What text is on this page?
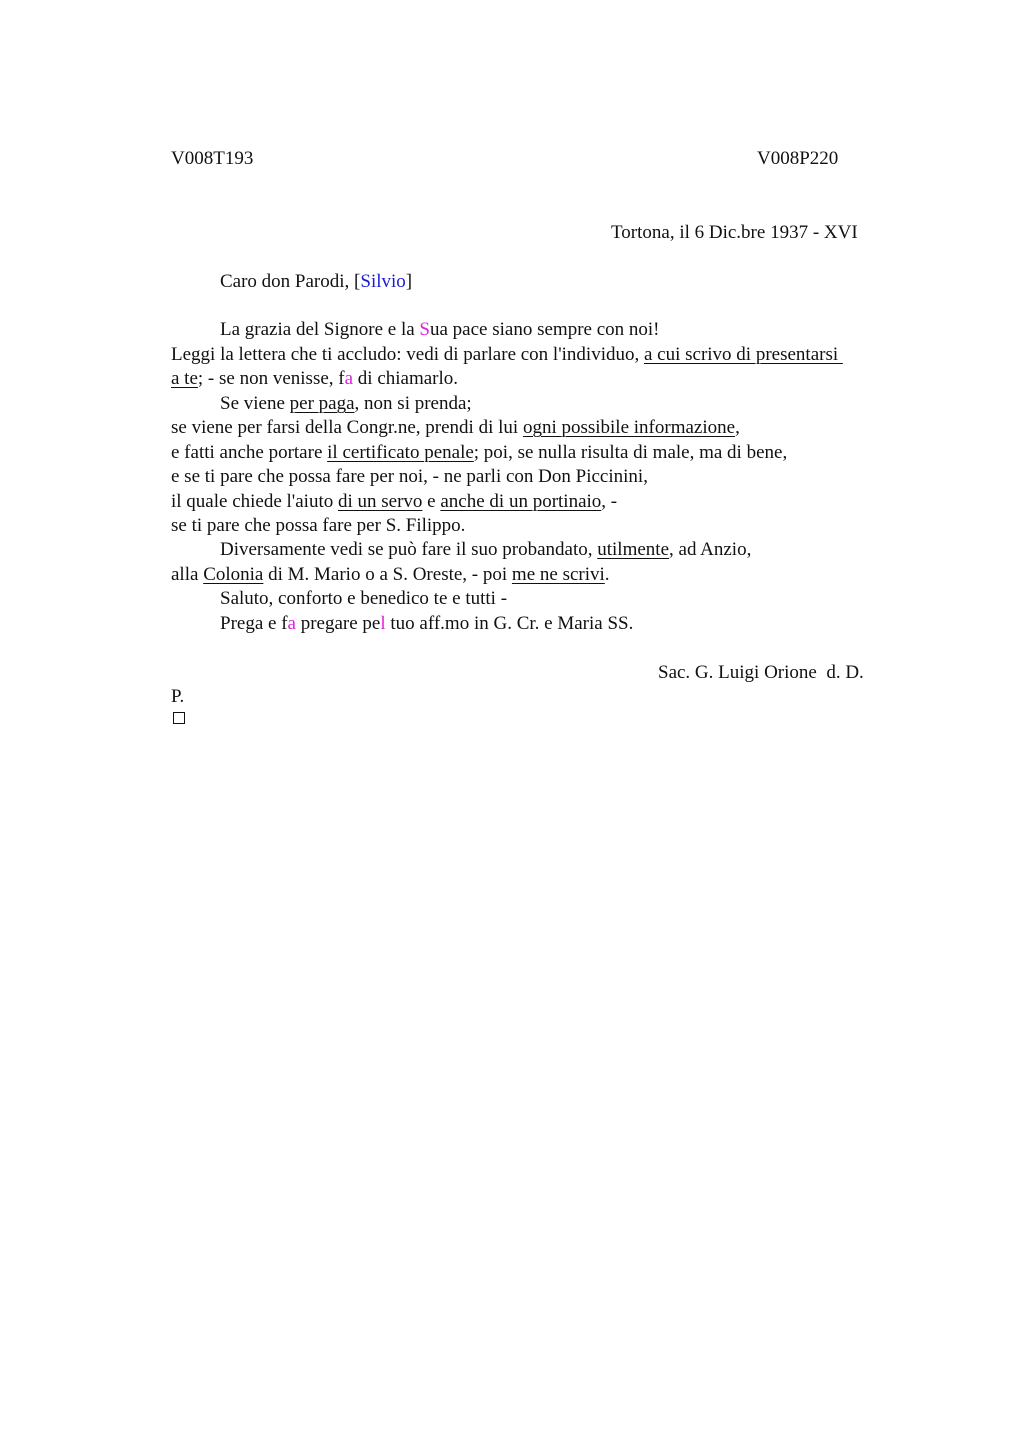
V008T193	V008P220
Tortona, il 6 Dic.bre 1937 - XVI
Caro don Parodi, [Silvio]
La grazia del Signore e la Sua pace siano sempre con noi!
Leggi la lettera che ti accludo: vedi di parlare con l'individuo, a cui scrivo di presentarsi
a te; - se non venisse, fa di chiamarlo.
Se viene per paga, non si prenda;
se viene per farsi della Congr.ne, prendi di lui ogni possibile informazione,
e fatti anche portare il certificato penale; poi, se nulla risulta di male, ma di bene,
e se ti pare che possa fare per noi, - ne parli con Don Piccinini,
il quale chiede l'aiuto di un servo e anche di un portinaio, -
se ti pare che possa fare per S. Filippo.
Diversamente vedi se può fare il suo probandato, utilmente, ad Anzio,
alla Colonia di M. Mario o a S. Oreste, - poi me ne scrivi.
Saluto, conforto e benedico te e tutti -
Prega e fa pregare pel tuo aff.mo in G. Cr. e Maria SS.
Sac. G. Luigi Orione  d. D.
P.
